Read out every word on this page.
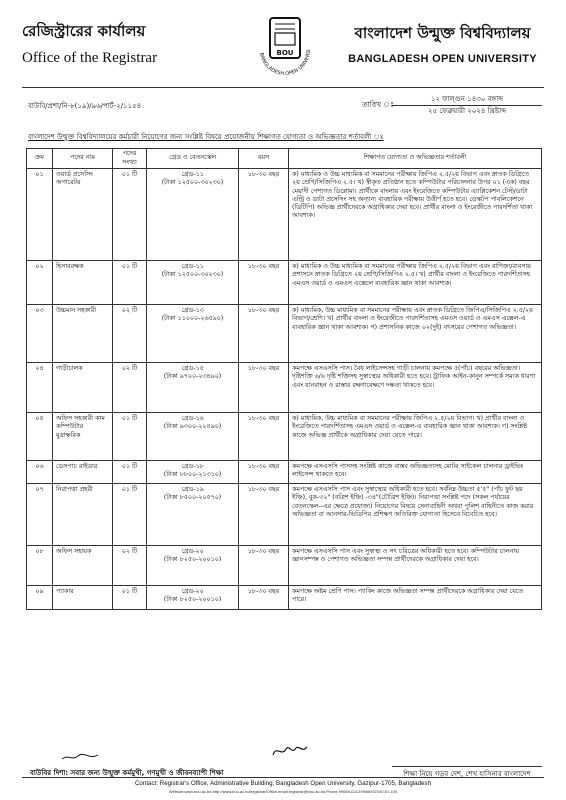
রেজিস্ট্রারের কার্যালয়
Office of the Registrar	BOU
BANGLADESH OPEN UNIVERSI
বাংলাদেশ উন্মুক্ত বিশ্ববিদ্যালয়
BANGLADESH OPEN UNIVERSITY
বাউবি/প্রশা/নি-৮(১৯)/৯৬/পার্ট-২/১১৫৪	তারিখ ঃ
১২ ফাল্গুন ১৪৩০ বঙ্গাব্দ
২৫ ফেব্রুয়ারী ২০২৪ খ্রিষ্টাব্দ
বাংলাদেশ উন্মুক্ত বিশ্ববিদ্যালয়ের কর্মচারী নিয়োগের জন্য সংশ্লিষ্ট বিষয়ে প্রয়োজনীয় শিক্ষাগত যোগ্যতা ও অভিজ্ঞতার শর্তাবলী ঃ
ক্রম	পদের নাম	পদের সংখ্যা	গ্রেড ও বেতনস্কেল	বয়স	শিক্ষাগত যোগ্যতা ও অভিজ্ঞতার শর্তাবলী
০১	ওয়ার্ড প্রসেসিং অপারেটর	০১ টি	গ্রেড-১১
(টাকা ১২৫০০-৩০২৩০)	১৮-৩০ বছর	ক) মাধ্যমিক ও উচ্চ মাধ্যমিক বা সমমানের পরীক্ষায় জিপিএ ২.৫/২য় বিভাগ এবং স্নাতক ডিগ্রিতে ২য় শ্রেণি/সিজিপিএ ২.৫। খ) স্বীকৃত প্রতিষ্ঠান হতে কম্পিউটার পরিচালনার উপর ০১ (এক) বছর মেয়াদী পেশাগত ডিপ্লোমা। প্রার্থীকে বাংলায় এবং ইংরেজিতে কম্পিউটার এ্যাপ্লিকেশন টেস্ট/ডাটা এন্ট্রি ও ডাটা প্রসেসিং সহ অন্যান্য ব্যবহারিক পরীক্ষায় উত্তীর্ণ হতে হবে। ডেস্কটপ পাবলিকেশনে (ডিটিপি) অভিজ্ঞ প্রার্থীদেরকে অগ্রাধিকার দেয়া হবে। প্রার্থীর বাংলা ও ইংরেজীতে পারদর্শিতা থাকা আবশ্যক।
০২	হিসাবরক্ষক	০১ টি	গ্রেড-১১
(টাকা ১২৫০০-৩০২৩০)	১৮-৩০ বছর	ক) মাধ্যমিক ও উচ্চ মাধ্যমিক বা সমমানের পরীক্ষায় জিপিএ ২.৫/২য় বিভাগ এবং বাণিজ্য/ব্যবসায় প্রশাসনে স্নাতক ডিগ্রিতে ২য় শ্রেণি/সিজিপিএ ২.৫। খ) প্রার্থীর বাংলা ও ইংরেজিতে পারদর্শিতাসহ এমএস ওয়ার্ড ও এমএস এক্সেলে ব্যবহারিক জ্ঞান থাকা আবশ্যক।
০৩	উচ্চমান সহকারী	০২ টি	গ্রেড-১৩
(টাকা ১১০০০-২৬৫৯০)	১৮-৩০ বছর	ক) মাধ্যমিক, উচ্চ মাধ্যমিক বা সমমানের পরীক্ষায় এবং স্নাতক ডিগ্রিতে জিপিএ/সিজিপিএ ২.৫/২য় বিভাগ/শ্রেণি। খ) প্রার্থীর বাংলা ও ইংরেজীতে পারদর্শিতাসহ এমএস ওয়ার্ড ও এমএস এক্সেল-এ ব্যবহারিক জ্ঞান থাকা আবশ্যক। গ) প্রশাসনিক কাজে ০২(দুই) বৎসরের পেশাগত অভিজ্ঞতা।
০৪	গাড়ীচালক	০২ টি	গ্রেড-১৫
(টাকা ৯৭০০-২৩৪৯০)	১৮-৩০ বছর	কমপক্ষে এসএসসি পাস। বৈধ লাইসেন্সসহ গাড়ী চালনায় কমপক্ষে ৫(পাঁচ) বছরের অভিজ্ঞতা। দৃষ্টিশক্তি ৬/৬ দৃষ্টি শক্তিসহ সুস্বাস্থ্যের অধিকারী হতে হবে। ট্রাফিক আইন-কানুন সম্পর্কে সম্যক ধারণা এবং যানবাহন ও রাস্তার রক্ষণাবেক্ষণে দক্ষতা থাকতে হবে।
০৫	অফিস সহকারী কাম কম্পিউটার মুদ্রাক্ষরিক	০১ টি	গ্রেড-১৬
(টাকা ৯৩০০-২২৪৯০)	১৮-৩০ বছর	ক) মাধ্যমিক, উচ্চ মাধ্যমিক বা সমমানের পরীক্ষায় জিপিএ ২.৫/২য় বিভাগ। খ) প্রার্থীর বাংলা ও ইংরেজিতে পারদর্শিতাসহ এমএস ওয়ার্ড ও এক্সেল-এ ব্যবহারিক জ্ঞান থাকা আবশ্যক। গ) সংশ্লিষ্ট কাজে অভিজ্ঞ প্রার্থীকে অগ্রাধিকার দেয়া যেতে পারে।
০৬	ডেসপাচ রাইডার	০১ টি	গ্রেড-১৮
(টাকা ৮৮০০-২১৩১০)	১৮-৩০ বছর	কমপক্ষে এসএসসি পাসসহ সংশ্লিষ্ট কাজে বাস্তব অভিজ্ঞতাসহ মোটর সাইকেল চালনার ড্রাইভিং লাইসেন্স থাকতে হবে।
০৭	নিরাপত্তা প্রহরী	০১ টি	গ্রেড-১৯
(টাকা ৮৫০০-২০৫৭০)	১৮-৩০ বছর	কমপক্ষে এসএসসি পাস এবং সুস্বাস্থ্যের অধিকারী হতে হবে। সর্বনিম্ন উচ্চতা ৫'৫" (পাঁচ ফুট ছয় ইঞ্চি), বুক-৩২" (বত্রিশ ইঞ্চি) -৩৪"(চৌত্রিশ ইঞ্চি)। নিরাপত্তা সংশ্লিষ্ট পদে (সকল পর্যায়ের বেতনস্কেল--এর ক্ষেত্রে প্রযোজ্য) নিয়োগের বিষয়ে সেনাবাহিনী অথবা পুলিশ বাহিনীতে কাজ করার অভিজ্ঞতা বা আনসার-ভিডিপির প্রশিক্ষণ অতিরিক্ত যোগ্যতা হিসেবে বিবেচিত হবে।
০৮	অফিস সহায়ক	০২ টি	গ্রেড-২০
(টাকা ৮২৫০-২০০১০)	১৮-৩০ বছর	কমপক্ষে এসএসসি পাস এবং সুস্বাস্থ্য ও সৎ চরিত্রের অধিকারী হতে হবে। কম্পিউটার চালনায় জ্ঞানসম্পন্ন ও পেশাগত অভিজ্ঞতা সম্পন্ন প্রার্থীদেরকে অগ্রাধিকার দেয়া হবে।
০৯	প্যাকার	০১ টি	গ্রেড-২০
(টাকা ৮২৫০-২০০১০)	১৮-৩০ বছর	কমপক্ষে অষ্টম শ্রেণি পাস। প্যাকিং কাজে অভিজ্ঞতা সম্পন্ন প্রার্থীদেরকে অগ্রাধিকার দেয়া যেতে পারে।
বাউবির দিশা: সবার জন্য উন্মুক্ত কর্মমুখী, গণমুখী ও জীবনব্যাপী শিক্ষা	শিক্ষা নিয়ে গড়ব দেশ, শেখ হাসিনার বাংলাদেশ
Contact: Registrar's Office, Administrative Building, Bangladesh Open University, Gazipur-1705, Bangladesh
Website:www.bou.ac.bd,http://www.bou.ac.bd/registrar/Office.email.registrar@bou.ac.bd,Phone 9966911112/9966937030,Ex.105
